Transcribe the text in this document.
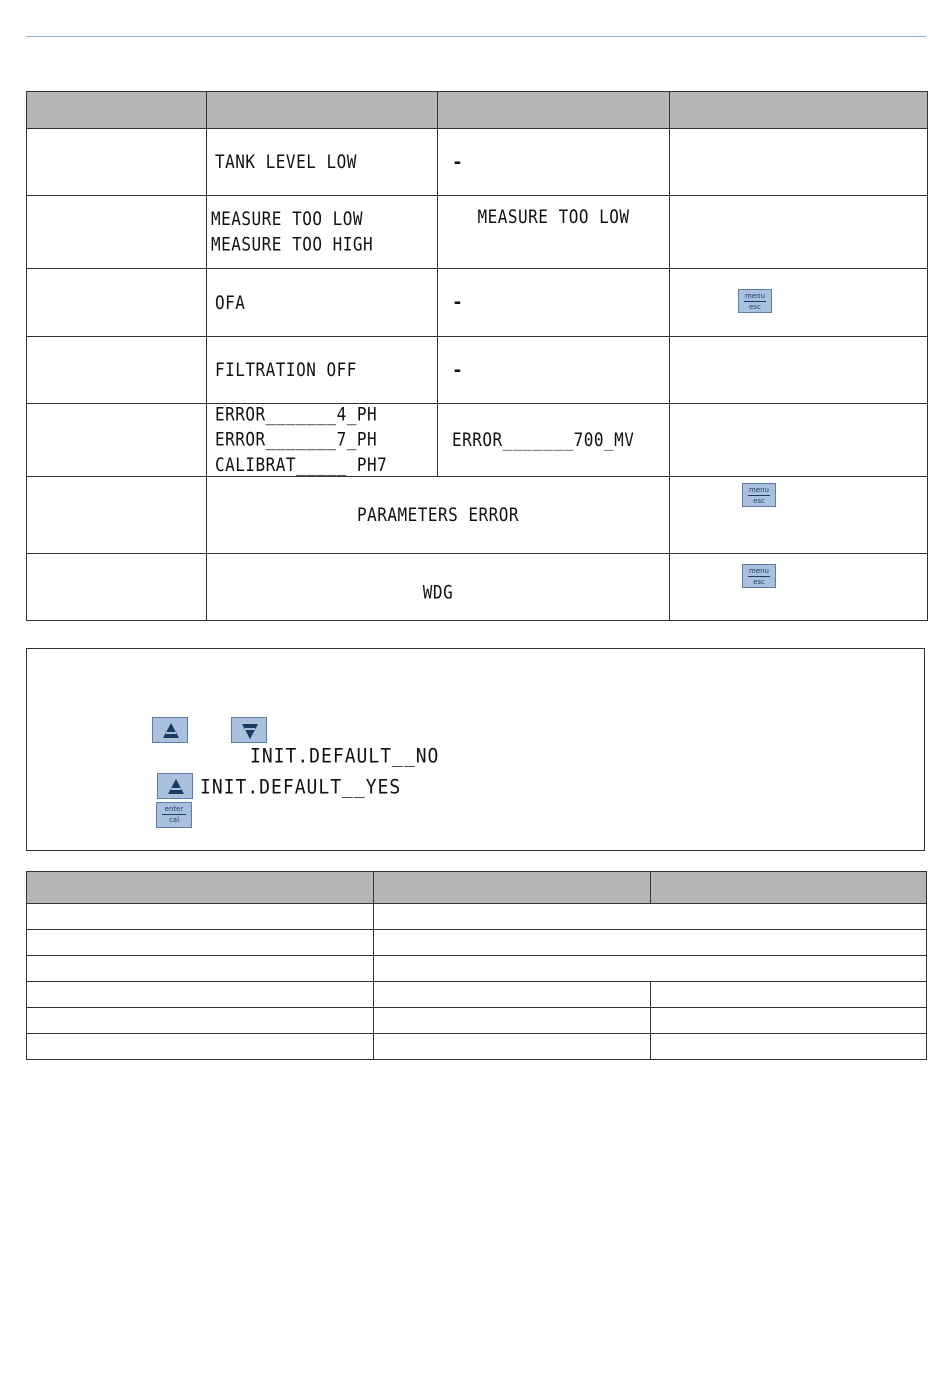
	TANK LEVEL LOW	-	

	MEASURE TOO LOW
MEASURE TOO HIGH	MEASURE TOO LOW	

	OFA	-	menu
esc

	FILTRATION OFF	-	

	ERROR_______4_PH
ERROR_______7_PH
CALIBRAT_____ PH7	ERROR_______700_MV	

	PARAMETERS ERROR		menu
esc

	WDG		menu
esc
INIT.DEFAULT__NO
INIT.DEFAULT__YES
enter
cal
